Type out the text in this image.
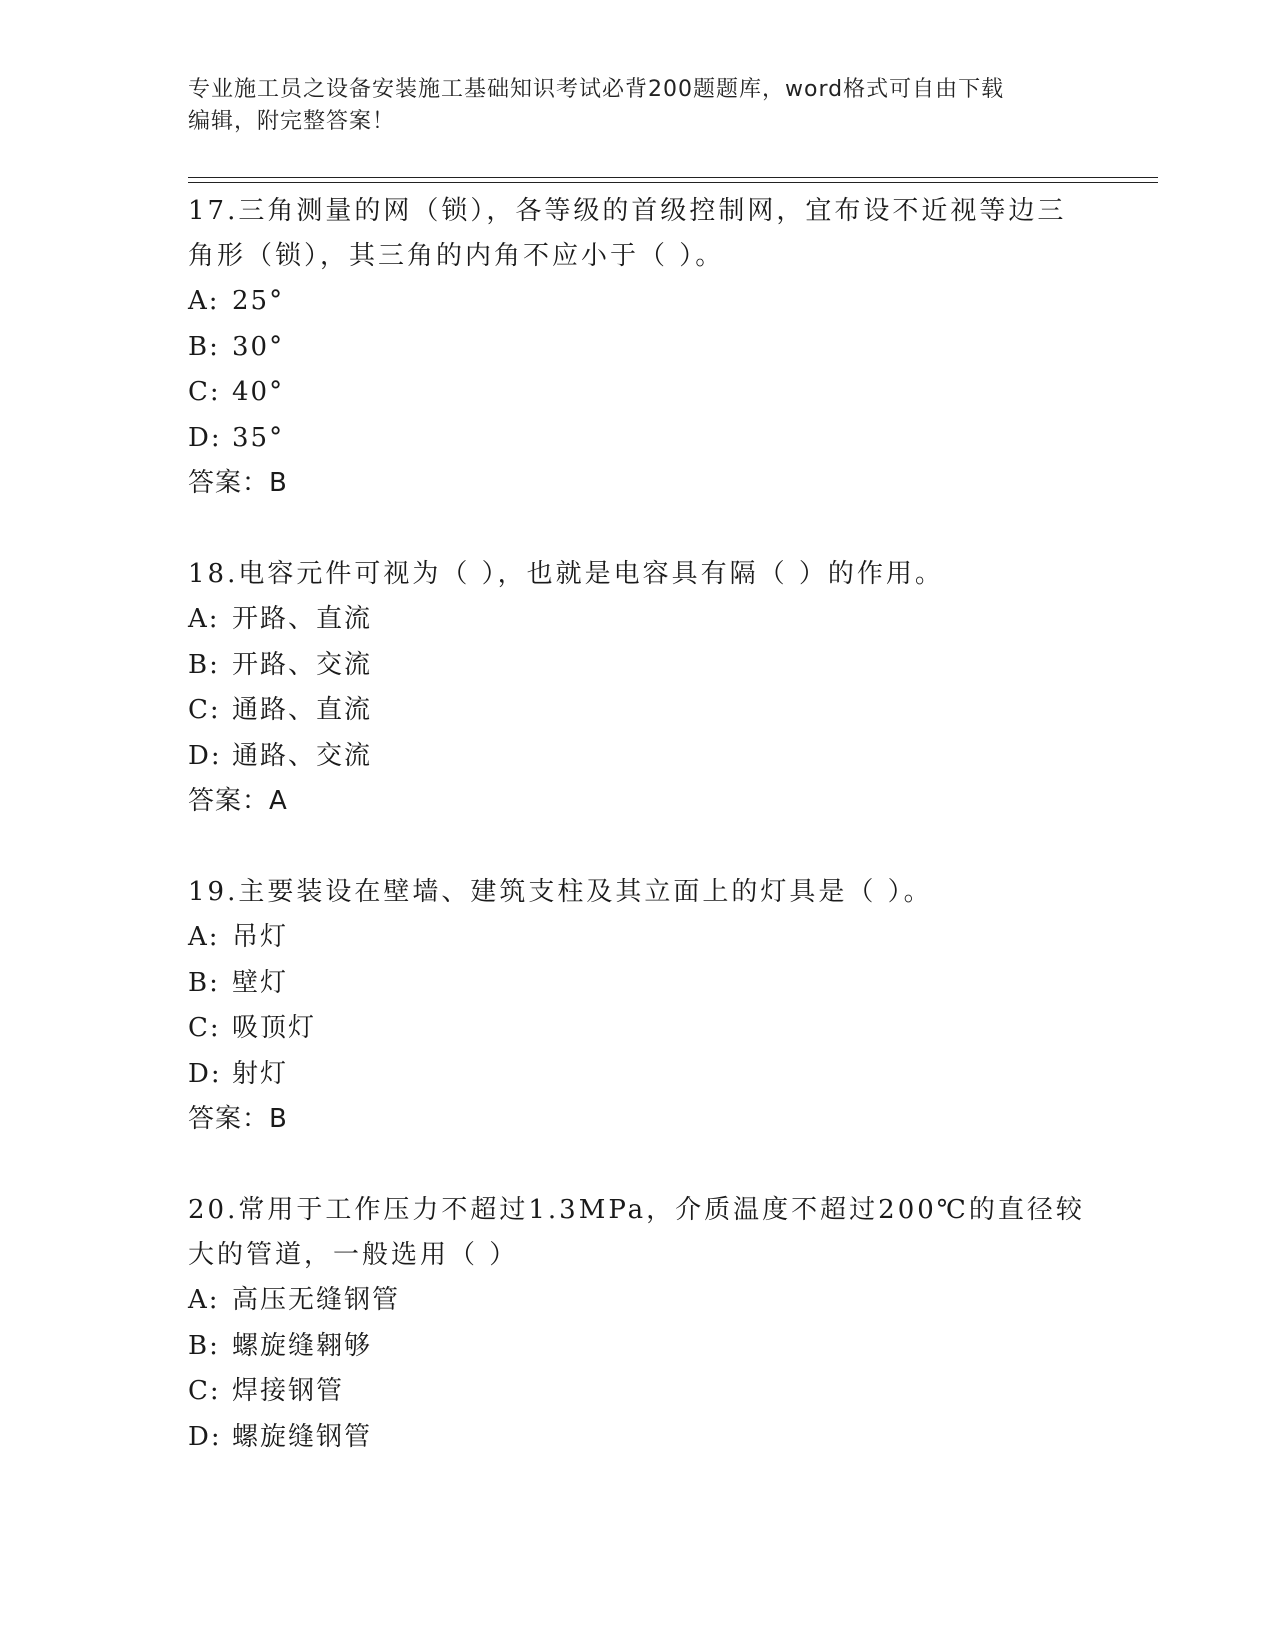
专业施工员之设备安装施工基础知识考试必背200题题库，word格式可自由下载
编辑，附完整答案！
17.三角测量的网（锁），各等级的首级控制网，宜布设不近视等边三角形（锁），其三角的内角不应小于（ ）。
A: 25°
B: 30°
C: 40°
D: 35°
答案：B
18.电容元件可视为（ ），也就是电容具有隔（ ）的作用。
A: 开路、直流
B: 开路、交流
C: 通路、直流
D: 通路、交流
答案：A
19.主要装设在壁墙、建筑支柱及其立面上的灯具是（ ）。
A: 吊灯
B: 壁灯
C: 吸顶灯
D: 射灯
答案：B
20.常用于工作压力不超过1.3MPa，介质温度不超过200℃的直径较大的管道，一般选用（ ）
A: 高压无缝钢管
B: 螺旋缝翱够
C: 焊接钢管
D: 螺旋缝钢管
